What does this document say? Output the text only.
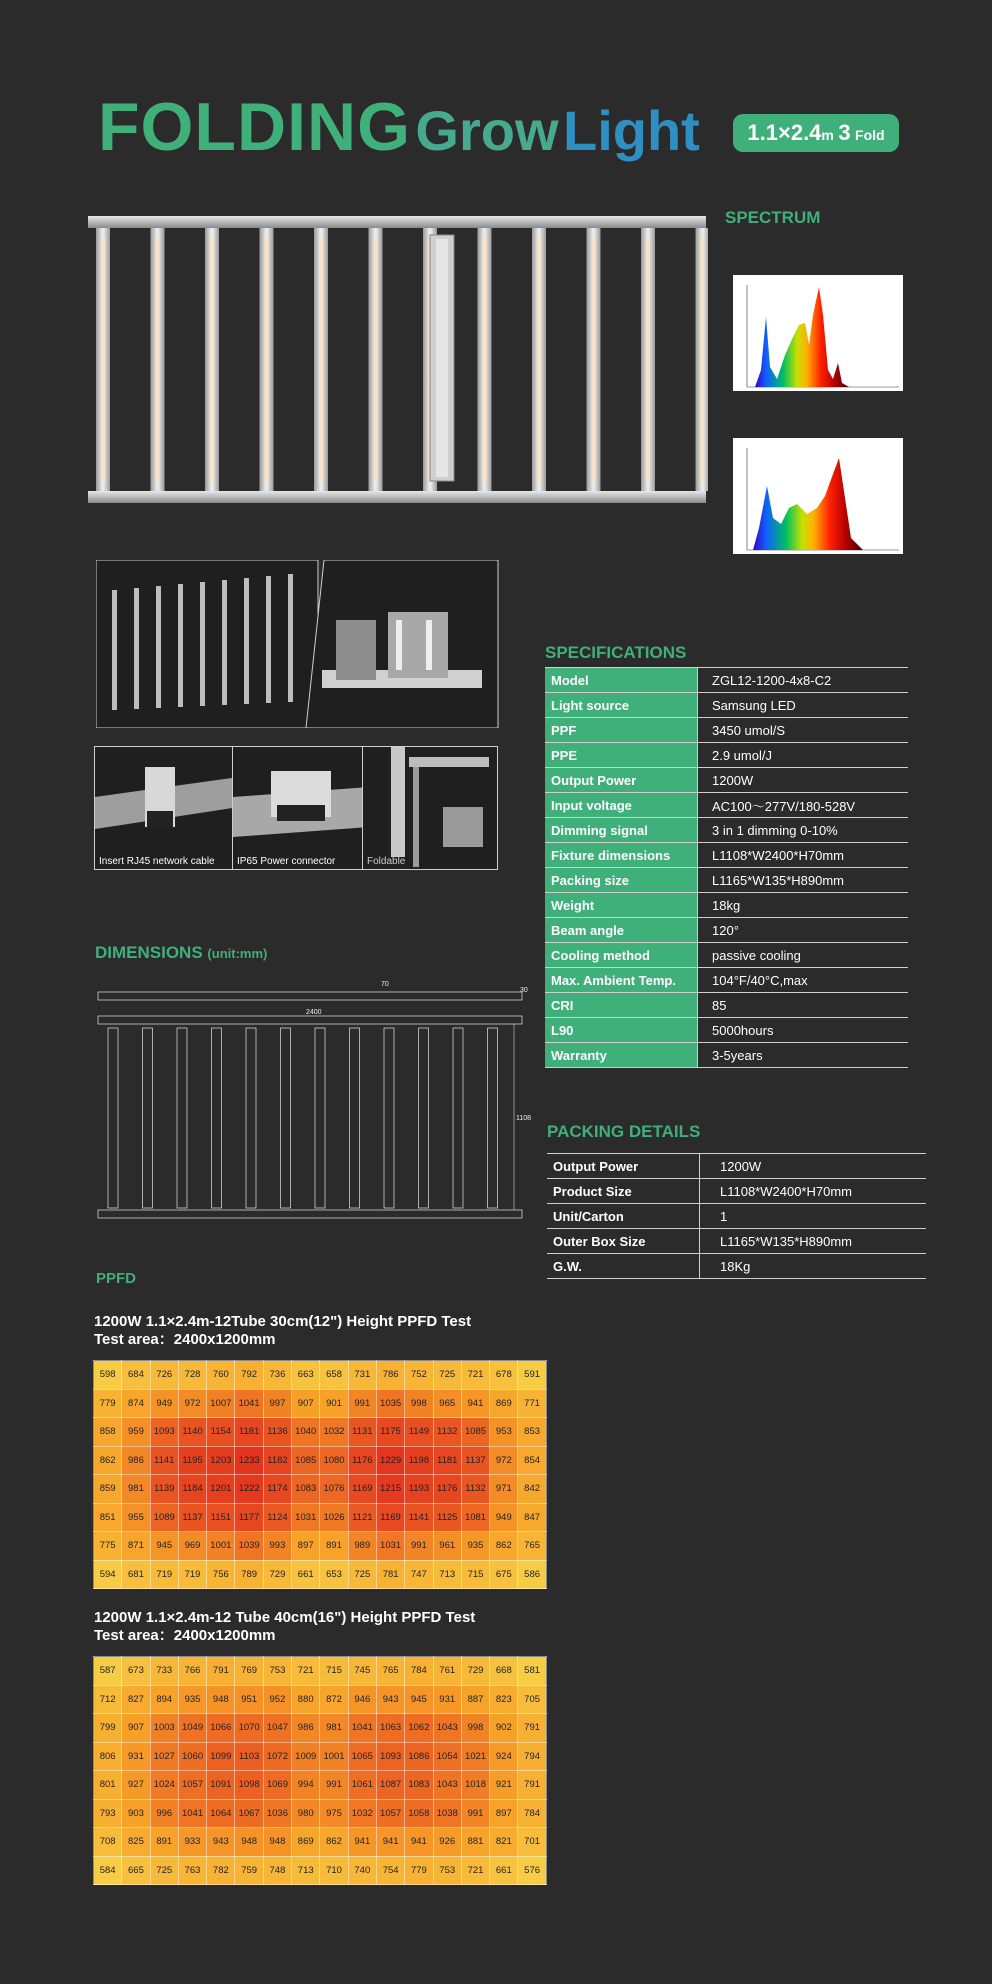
FOLDING Grow Light	1.1×2.4m 3 Fold
SPECTRUM
Insert RJ45 network cable IP65 Power connector	Foldable
SPECIFICATIONS
Model	ZGL12-1200-4x8-C2
Light source	Samsung LED
PPF	3450 umol/S
PPE	2.9 umol/J
Output Power	1200W
Input voltage	AC100～277V/180-528V
Dimming signal	3 in 1 dimming 0-10%
Fixture dimensions	L1108*W2400*H70mm
Packing size	L1165*W135*H890mm
Weight	18kg
Beam angle	120°
Cooling method	passive cooling
Max. Ambient Temp.	104°F/40°C,max
CRI	85
L90	5000hours
Warranty	3-5years
DIMENSIONS (unit:mm)
70
30
2400
1108
PACKING DETAILS
Output Power	1200W
Product Size	L1108*W2400*H70mm
Unit/Carton	1
Outer Box Size	L1165*W135*H890mm
G.W.	18Kg
PPFD
1200W 1.1×2.4m-12Tube 30cm(12") Height PPFD Test
Test area：2400x1200mm
598	684	726	728	760	792	736	663	658	731	786	752	725	721	678	591
779	874	949	972	1007	1041	997	907	901	991	1035	998	965	941	869	771
858	959	1093	1140	1154	1181	1136	1040	1032	1131	1175	1149	1132	1085	953	853
862	986	1141	1195	1203	1233	1182	1085	1080	1176	1229	1198	1181	1137	972	854
859	981	1139	1184	1201	1222	1174	1083	1076	1169	1215	1193	1176	1132	971	842
851	955	1089	1137	1151	1177	1124	1031	1026	1121	1169	1141	1125	1081	949	847
775	871	945	969	1001	1039	993	897	891	989	1031	991	961	935	862	765
594	681	719	719	756	789	729	661	653	725	781	747	713	715	675	586
1200W 1.1×2.4m-12 Tube 40cm(16") Height PPFD Test
Test area：2400x1200mm
587	673	733	766	791	769	753	721	715	745	765	784	761	729	668	581
712	827	894	935	948	951	952	880	872	946	943	945	931	887	823	705
799	907	1003	1049	1066	1070	1047	986	981	1041	1063	1062	1043	998	902	791
806	931	1027	1060	1099	1103	1072	1009	1001	1065	1093	1086	1054	1021	924	794
801	927	1024	1057	1091	1098	1069	994	991	1061	1087	1083	1043	1018	921	791
793	903	996	1041	1064	1067	1036	980	975	1032	1057	1058	1038	991	897	784
708	825	891	933	943	948	948	869	862	941	941	941	926	881	821	701
584	665	725	763	782	759	748	713	710	740	754	779	753	721	661	576
